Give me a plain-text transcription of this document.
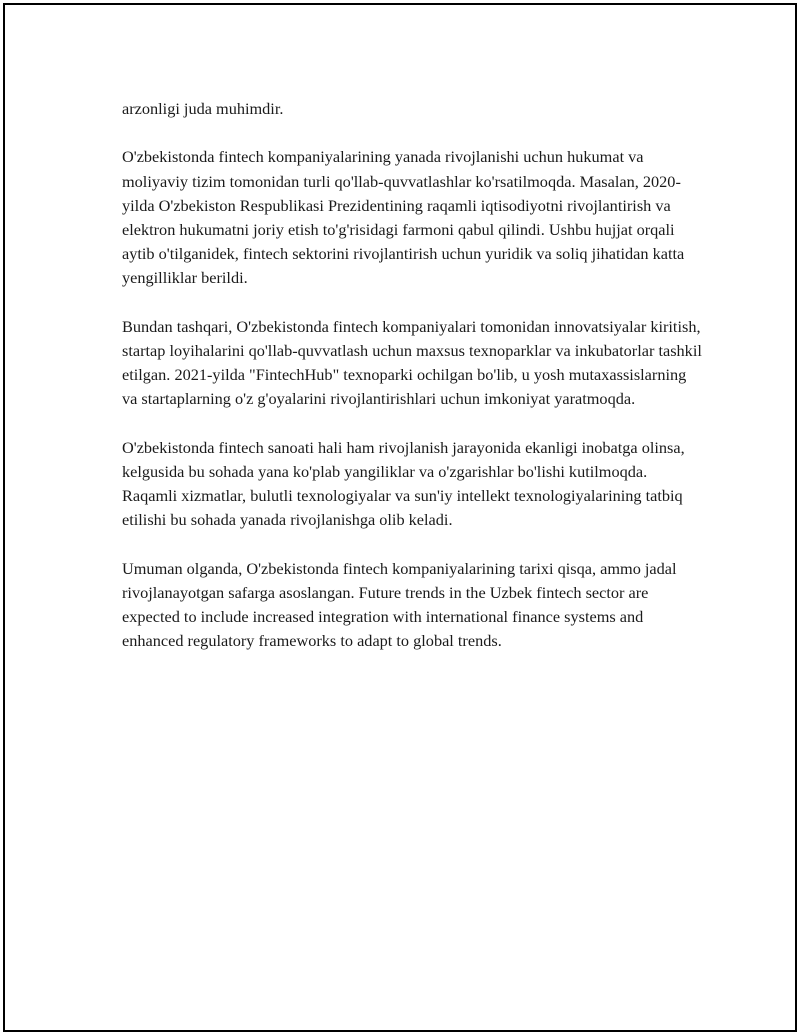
arzonligi juda muhimdir.

O'zbekistonda fintech kompaniyalarining yanada rivojlanishi uchun hukumat va moliyaviy tizim tomonidan turli qo'llab-quvvatlashlar ko'rsatilmoqda. Masalan, 2020-yilda O'zbekiston Respublikasi Prezidentining raqamli iqtisodiyotni rivojlantirish va elektron hukumatni joriy etish to'g'risidagi farmoni qabul qilindi. Ushbu hujjat orqali aytib o'tilganidek, fintech sektorini rivojlantirish uchun yuridik va soliq jihatidan katta yengilliklar berildi.

Bundan tashqari, O'zbekistonda fintech kompaniyalari tomonidan innovatsiyalar kiritish, startap loyihalarini qo'llab-quvvatlash uchun maxsus texnoparklar va inkubatorlar tashkil etilgan. 2021-yilda "FintechHub" texnoparki ochilgan bo'lib, u yosh mutaxassislarning va startaplarning o'z g'oyalarini rivojlantirishlari uchun imkoniyat yaratmoqda.

O'zbekistonda fintech sanoati hali ham rivojlanish jarayonida ekanligi inobatga olinsa, kelgusida bu sohada yana ko'plab yangiliklar va o'zgarishlar bo'lishi kutilmoqda. Raqamli xizmatlar, bulutli texnologiyalar va sun'iy intellekt texnologiyalarining tatbiq etilishi bu sohada yanada rivojlanishga olib keladi.

Umuman olganda, O'zbekistonda fintech kompaniyalarining tarixi qisqa, ammo jadal rivojlanayotgan safarga asoslangan. Future trends in the Uzbek fintech sector are expected to include increased integration with international finance systems and enhanced regulatory frameworks to adapt to global trends.
